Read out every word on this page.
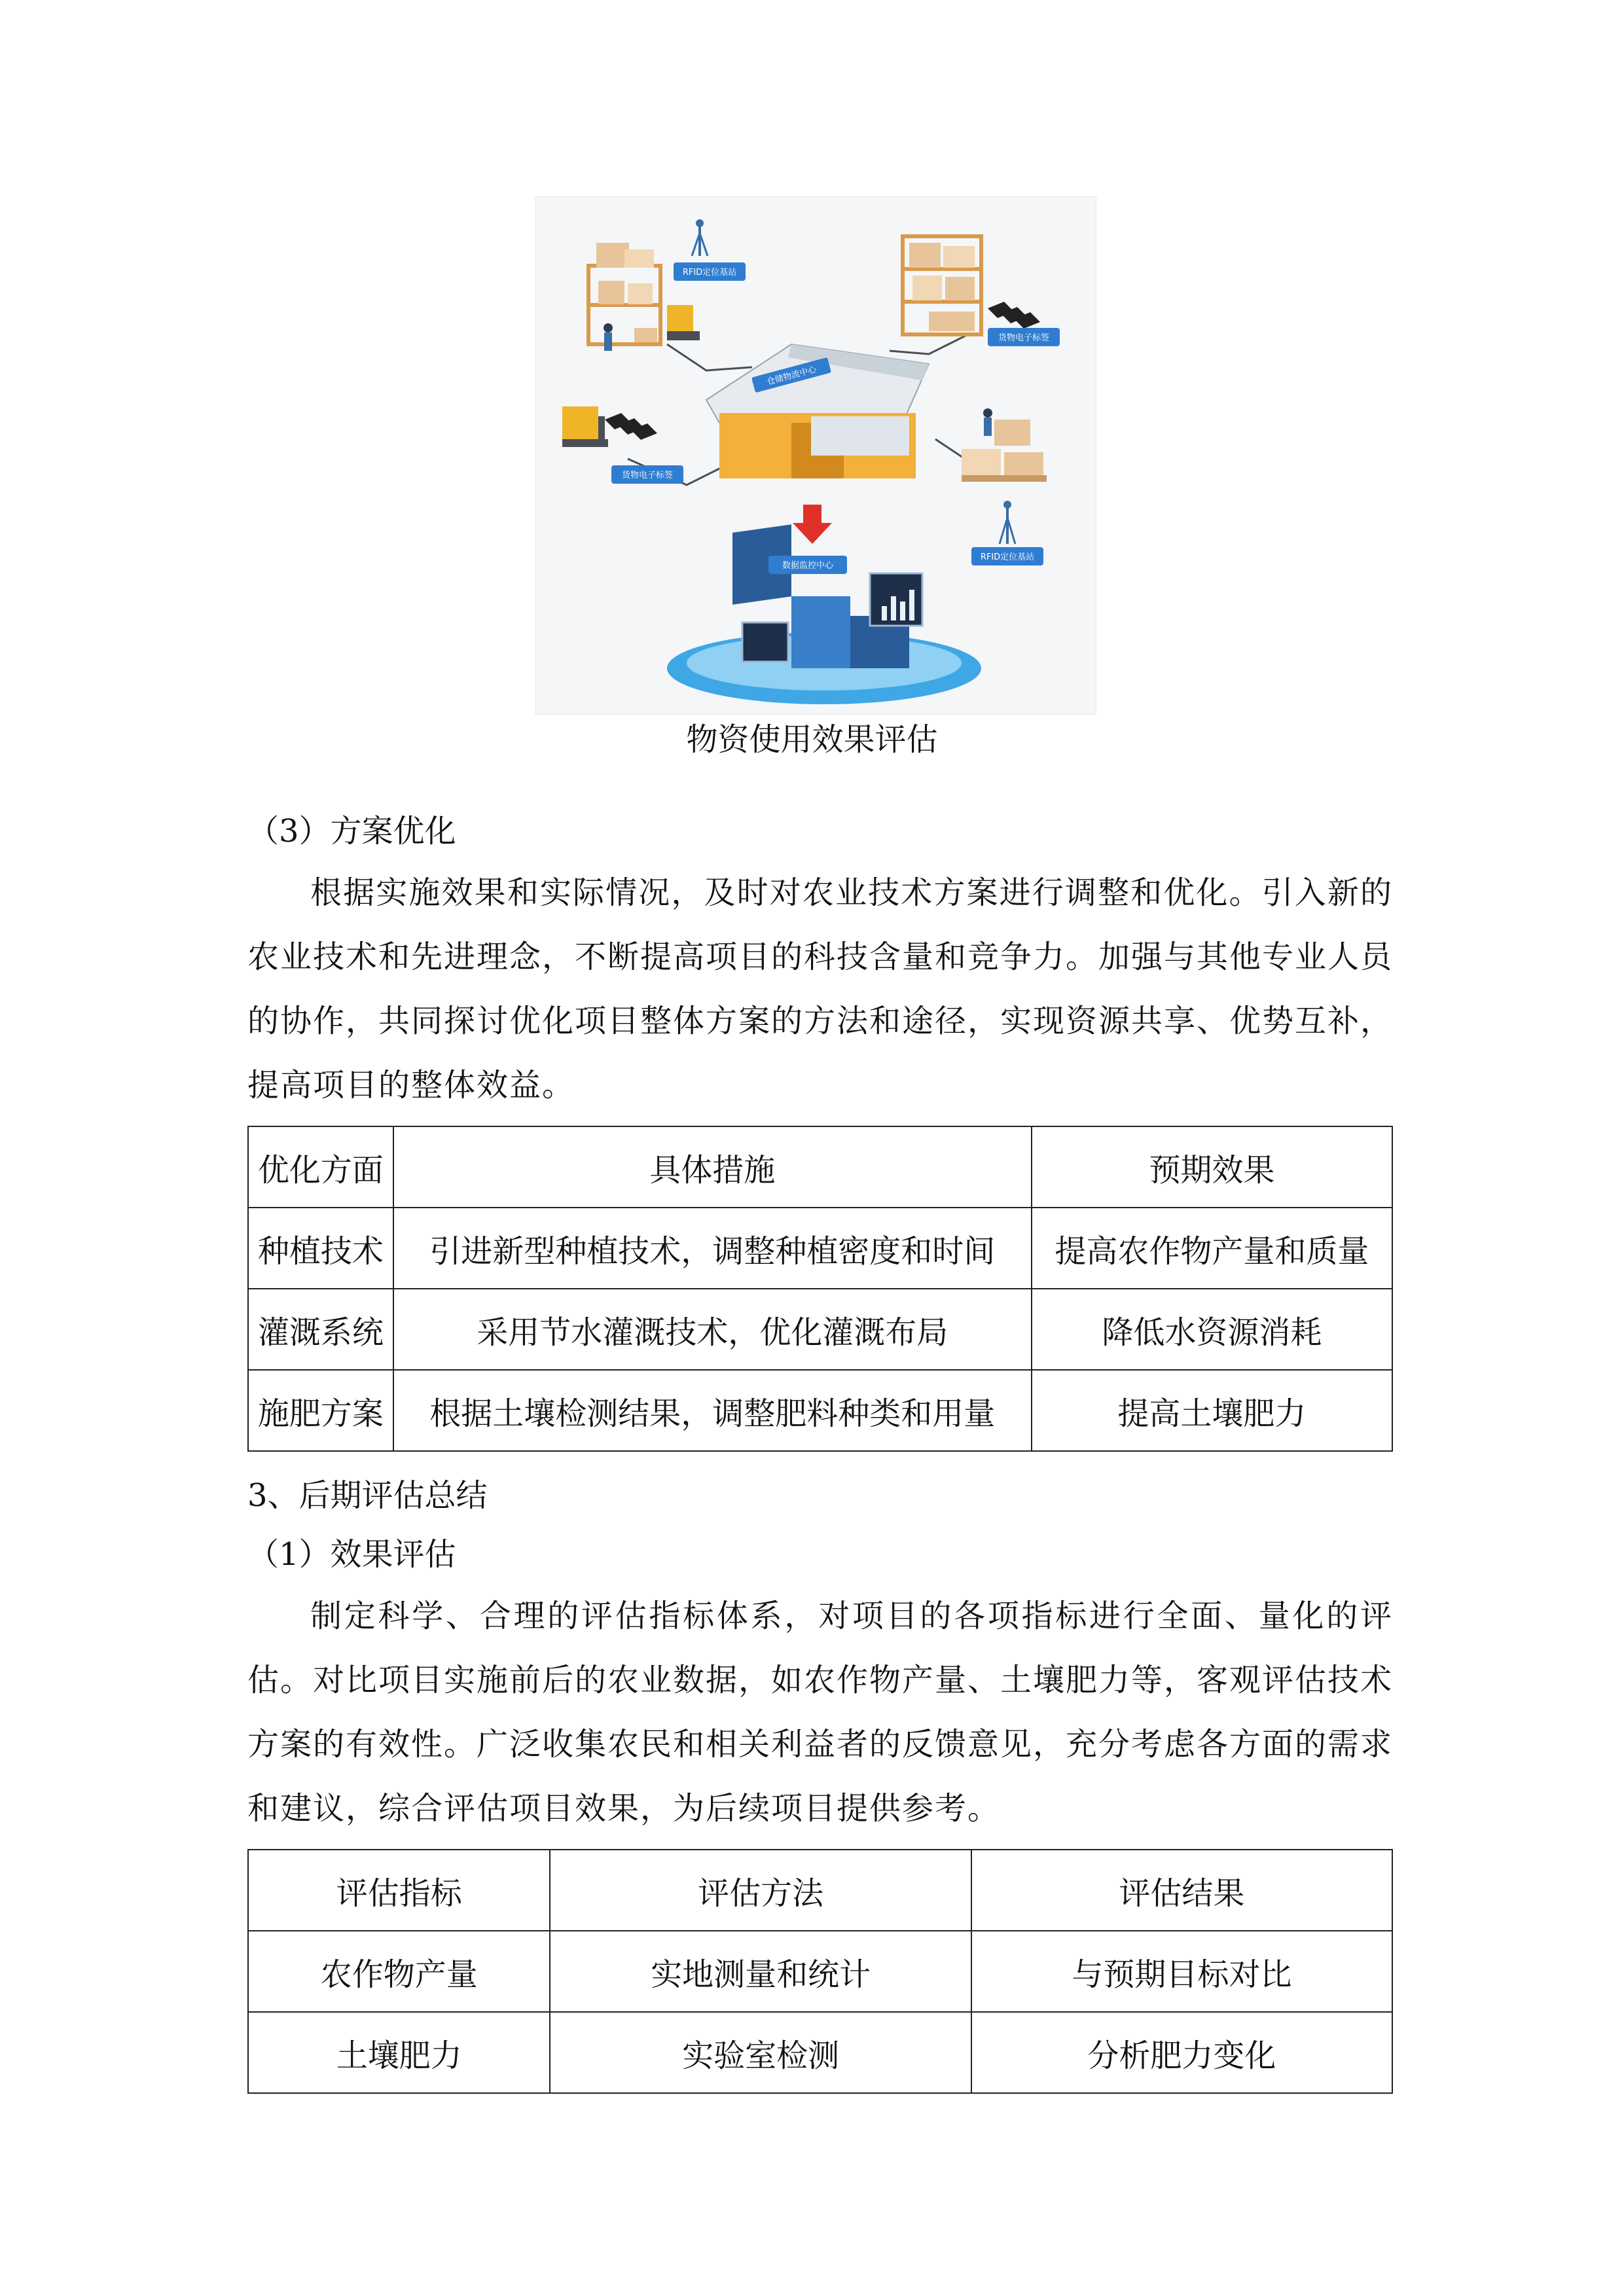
RFID定位基站
货物电子标签
仓储物流中心
货物电子标签
RFID定位基站
数据监控中心
物资使用效果评估
（3）方案优化
根据实施效果和实际情况，及时对农业技术方案进行调整和优化。引入新的农业技术和先进理念，不断提高项目的科技含量和竞争力。加强与其他专业人员的协作，共同探讨优化项目整体方案的方法和途径，实现资源共享、优势互补，提高项目的整体效益。
优化方面	具体措施	预期效果
种植技术	引进新型种植技术，调整种植密度和时间	提高农作物产量和质量
灌溉系统	采用节水灌溉技术，优化灌溉布局	降低水资源消耗
施肥方案	根据土壤检测结果，调整肥料种类和用量	提高土壤肥力
3、后期评估总结
（1）效果评估
制定科学、合理的评估指标体系，对项目的各项指标进行全面、量化的评估。对比项目实施前后的农业数据，如农作物产量、土壤肥力等，客观评估技术方案的有效性。广泛收集农民和相关利益者的反馈意见，充分考虑各方面的需求和建议，综合评估项目效果，为后续项目提供参考。
评估指标	评估方法	评估结果
农作物产量	实地测量和统计	与预期目标对比
土壤肥力	实验室检测	分析肥力变化
